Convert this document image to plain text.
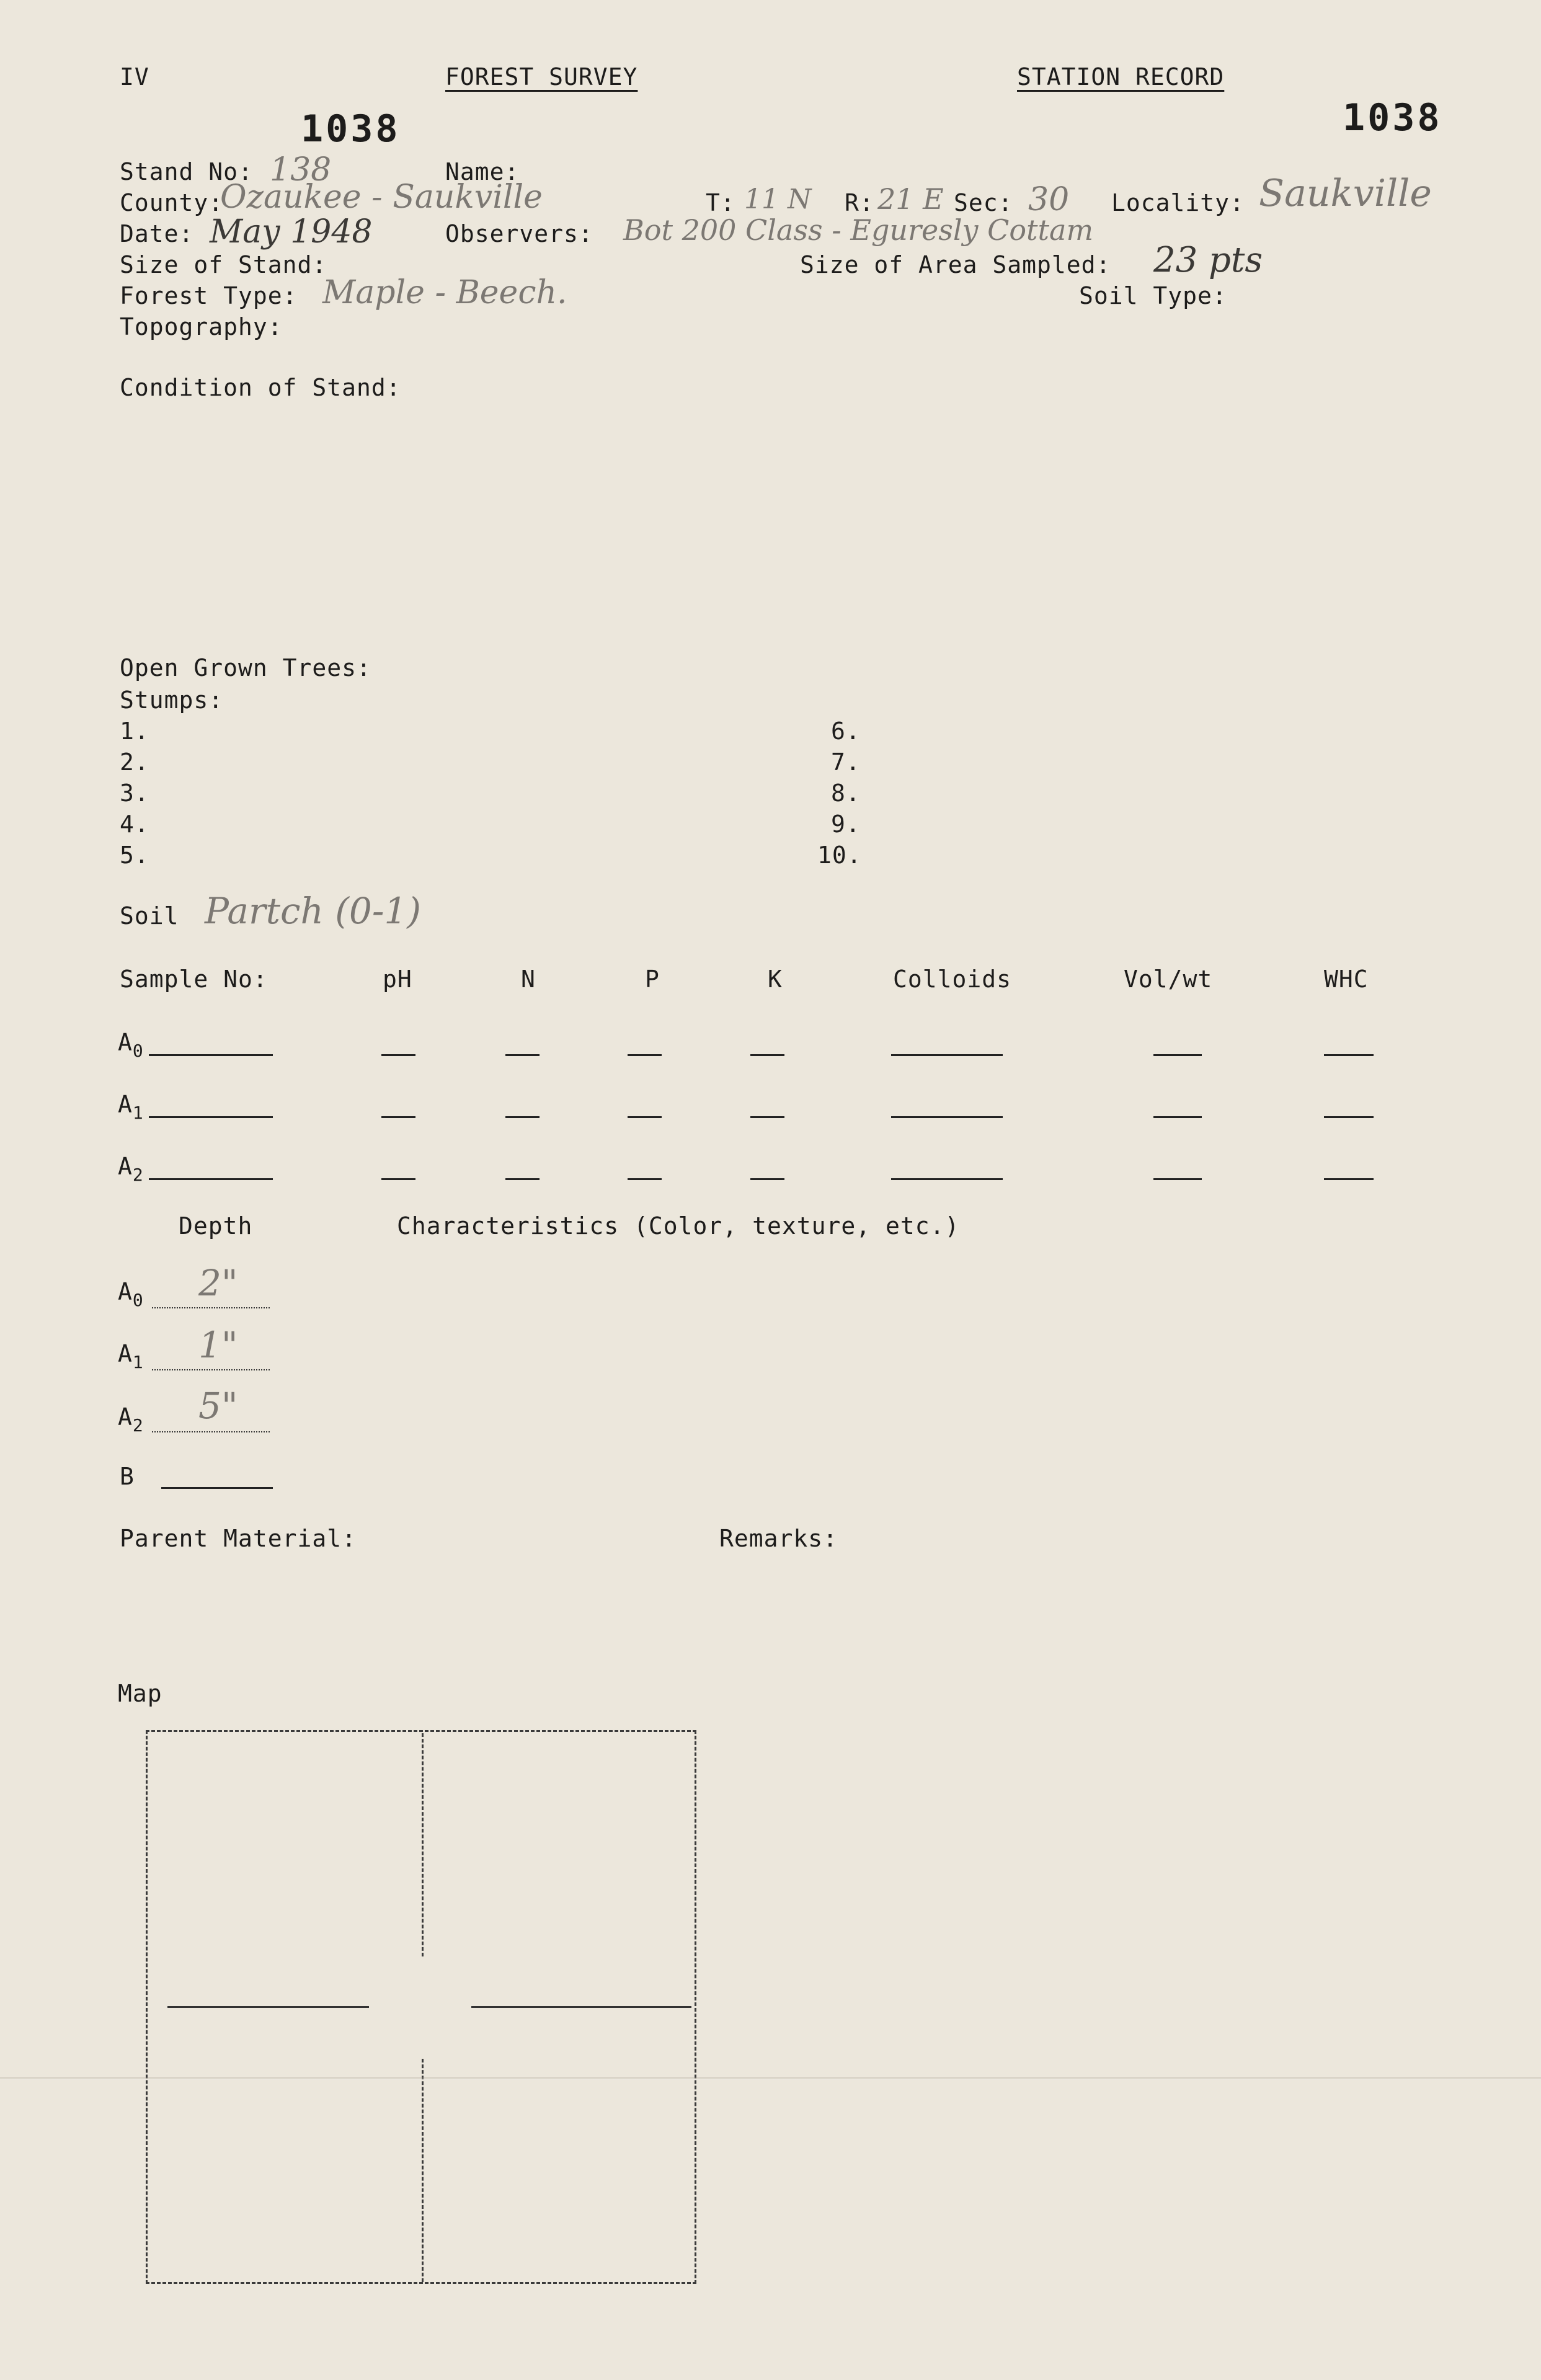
IV	FOREST SURVEY	STATION RECORD
1038	1038
Stand No: 138	Name:
County:
Ozaukee - Saukville	T: 11 N R: 21 E Sec: 30 Locality: Saukville
Date: May 1948	Observers: Bot 200 Class - Eguresly Cottam
Size of Stand:	Size of Area Sampled: 23 pts
Forest Type: Maple - Beech.	Soil Type:
Topography:
Condition of Stand:
Open Grown Trees:
Stumps:
1.
2.
3.
4.
5.
6.
7.
8.
9.
10.
Soil Partch (0-1)
Sample No:	pH	N	P	K	Colloids	Vol/wt	WHC
$A_0$
$A_1$
$A_2$
Depth	Characteristics (Color, texture, etc.)
$A_0$ 2"
$A_1$ 1"
$A_2$ 5"
B
Parent Material:	Remarks:
Map
